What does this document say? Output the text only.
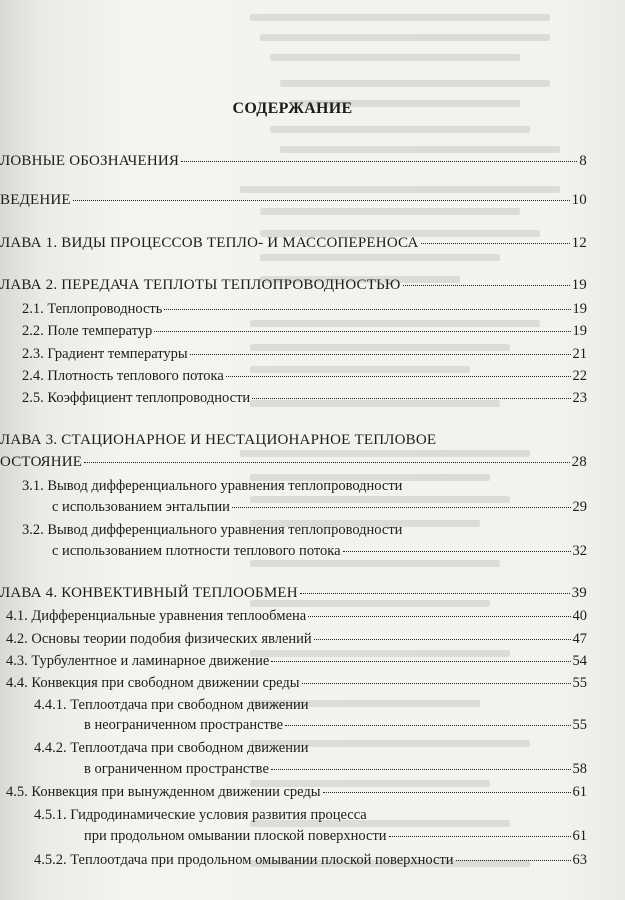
СОДЕРЖАНИЕ
ЛОВНЫЕ ОБОЗНАЧЕНИЯ	8
ВЕДЕНИЕ	10
ЛАВА 1. ВИДЫ ПРОЦЕССОВ ТЕПЛО- И МАССОПЕРЕНОСА	12
ЛАВА 2. ПЕРЕДАЧА ТЕПЛОТЫ ТЕПЛОПРОВОДНОСТЬЮ	19
2.1. Теплопроводность	19
2.2. Поле температур	19
2.3. Градиент температуры	21
2.4. Плотность теплового потока	22
2.5. Коэффициент теплопроводности	23
ЛАВА 3. СТАЦИОНАРНОЕ И НЕСТАЦИОНАРНОЕ ТЕПЛОВОЕ
ОСТОЯНИЕ	28
3.1. Вывод дифференциального уравнения теплопроводности
с использованием энтальпии	29
3.2. Вывод дифференциального уравнения теплопроводности
с использованием плотности теплового потока	32
ЛАВА 4. КОНВЕКТИВНЫЙ ТЕПЛООБМЕН	39
4.1. Дифференциальные уравнения теплообмена	40
4.2. Основы теории подобия физических явлений	47
4.3. Турбулентное и ламинарное движение	54
4.4. Конвекция при свободном движении среды	55
4.4.1. Теплоотдача при свободном движении
в неограниченном пространстве	55
4.4.2. Теплоотдача при свободном движении
в ограниченном пространстве	58
4.5. Конвекция при вынужденном движении среды	61
4.5.1. Гидродинамические условия развития процесса
при продольном омывании плоской поверхности	61
4.5.2. Теплоотдача при продольном омывании плоской поверхности	63
